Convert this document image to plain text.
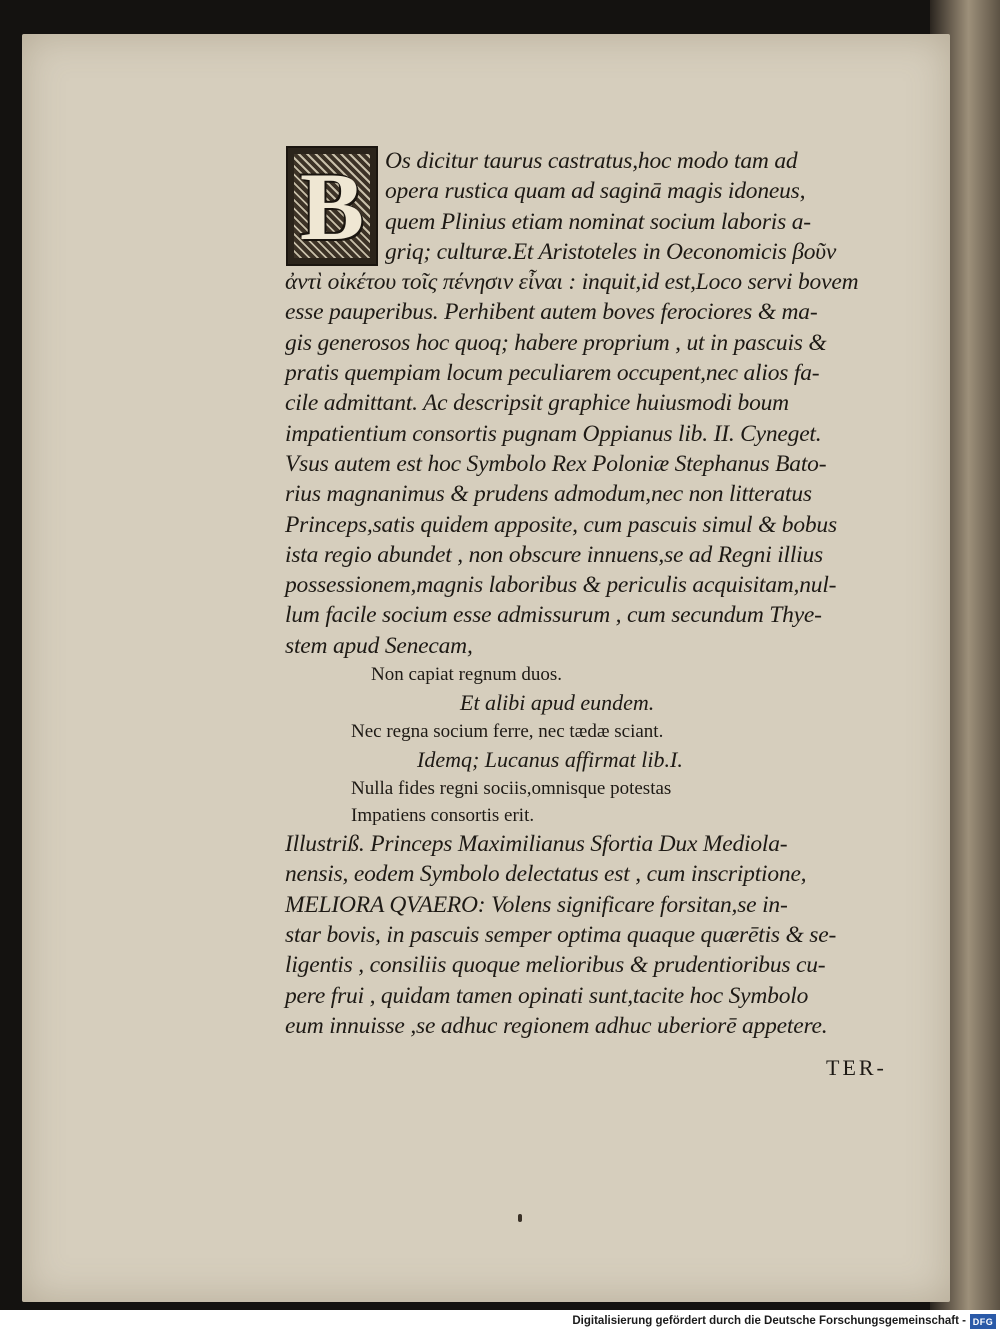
B Os dicitur taurus castratus,hoc modo tam ad
opera rustica quam ad saginā magis idoneus,
quem Plinius etiam nominat socium laboris a-
griq; culturæ.Et Aristoteles in Oeconomicis βοῦν
ἀντὶ οἰκέτου τοῖς πένησιν εἶναι : inquit,id est,Loco servi bovem
esse pauperibus. Perhibent autem boves ferociores & ma-
gis generosos hoc quoq; habere proprium , ut in pascuis &
pratis quempiam locum peculiarem occupent,nec alios fa-
cile admittant. Ac descripsit graphice huiusmodi boum
impatientium consortis pugnam Oppianus lib. II. Cyneget.
Vsus autem est hoc Symbolo Rex Poloniæ Stephanus Bato-
rius magnanimus & prudens admodum,nec non litteratus
Princeps,satis quidem apposite, cum pascuis simul & bobus
ista regio abundet , non obscure innuens,se ad Regni illius
possessionem,magnis laboribus & periculis acquisitam,nul-
lum facile socium esse admissurum , cum secundum Thye-
stem apud Senecam,
Non capiat regnum duos.
Et alibi apud eundem.
Nec regna socium ferre, nec tædæ sciant.
Idemq; Lucanus affirmat lib.I.
Nulla fides regni sociis,omnisque potestas
Impatiens consortis erit.
Illustriß. Princeps Maximilianus Sfortia Dux Mediola-
nensis, eodem Symbolo delectatus est , cum inscriptione,
MELIORA QVAERO: Volens significare forsitan,se in-
star bovis, in pascuis semper optima quaque quærētis & se-
ligentis , consiliis quoque melioribus & prudentioribus cu-
pere frui , quidam tamen opinati sunt,tacite hoc Symbolo
eum innuisse ,se adhuc regionem adhuc uberiorē appetere.
TER-
Digitalisierung gefördert durch die Deutsche Forschungsgemeinschaft - DFG
